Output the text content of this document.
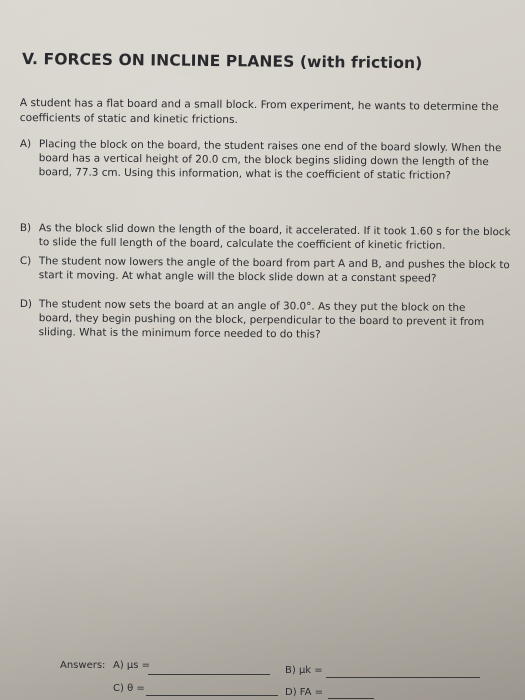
V. FORCES ON INCLINE PLANES (with friction)
A student has a flat board and a small block. From experiment, he wants to determine the coefficients of static and kinetic frictions.
A) Placing the block on the board, the student raises one end of the board slowly. When the board has a vertical height of 20.0 cm, the block begins sliding down the length of the board, 77.3 cm. Using this information, what is the coefficient of static friction?
B) As the block slid down the length of the board, it accelerated. If it took 1.60 s for the block to slide the full length of the board, calculate the coefficient of kinetic friction.
C) The student now lowers the angle of the board from part A and B, and pushes the block to start it moving. At what angle will the block slide down at a constant speed?
D) The student now sets the board at an angle of 30.0°. As they put the block on the board, they begin pushing on the block, perpendicular to the board to prevent it from sliding. What is the minimum force needed to do this?
Answers: A) μs =	B) μk =
C) θ =	D) FA =
